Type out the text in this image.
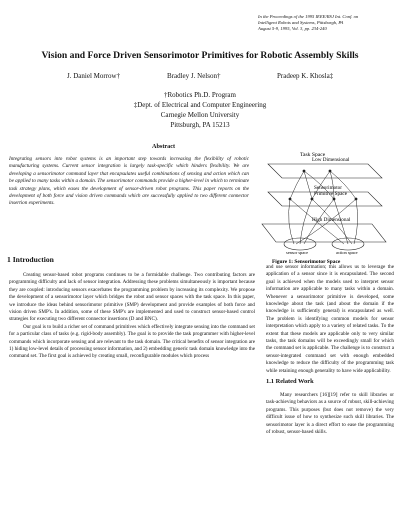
In the Proceedings of the 1995 IEEE/RSJ Int. Conf. on
Intelligent Robots and Systems, Pittsburgh, PA
August 5-9, 1995, Vol. 3, pp. 234-240
Vision and Force Driven Sensorimotor Primitives for Robotic Assembly Skills
J. Daniel Morrow†	Bradley J. Nelson†	Pradeep K. Khosla‡
†Robotics Ph.D. Program
‡Dept. of Electrical and Computer Engineering
Carnegie Mellon University
Pittsburgh, PA 15213
Abstract
Integrating sensors into robot systems is an important step towards increasing the flexibility of robotic manufacturing systems. Current sensor integration is largely task-specific which hinders flexibility. We are developing a sensorimotor command layer that encapsulates useful combinations of sensing and action which can be applied to many tasks within a domain. The sensorimotor commands provide a higher-level in which to terminate task strategy plans, which eases the development of sensor-driven robot programs. This paper reports on the development of both force and vision driven commands which are successfully applied to two different connector insertion experiments.
1 Introduction

Creating sensor-based robot programs continues to be a formidable challenge. Two contributing factors are programming difficulty and lack of sensor integration. Addressing these problems simultaneously is important because they are coupled: introducing sensors exacerbates the programming problem by increasing its complexity. We propose the development of a sensorimotor layer which bridges the robot and sensor spaces with the task space. In this paper, we introduce the ideas behind sensorimotor primitive (SMP) development and provide examples of both force and vision driven SMP's. In addition, some of these SMP's are implemented and used to construct sensor-based control strategies for executing two different connector insertions (D and BNC).

Our goal is to build a richer set of command primitives which effectively integrate sensing into the command set for a particular class of tasks (e.g. rigid-body assembly). The goal is to provide the task programmer with higher-level commands which incorporate sensing and are relevant to the task domain. The critical benefits of sensor integration are 1) hiding low-level details of processing sensor information, and 2) embedding generic task domain knowledge into the command set. The first goal is achieved by creating small, reconfigurable modules which process

Task Space
Low Dimensional
Sensorimotor
Primitive Space
High Dimensional
sensor space	action space
Figure 1: Sensorimotor Space

and use sensor information; this allows us to leverage the application of a sensor since it is encapsulated. The second goal is achieved when the models used to interpret sensor information are applicable to many tasks within a domain. Whenever a sensorimotor primitive is developed, some knowledge about the task (and about the domain if the knowledge is sufficiently general) is encapsulated as well. The problem is identifying common models for sensor interpretation which apply to a variety of related tasks. To the extent that these models are applicable only to very similar tasks, the task domains will be exceedingly small for which the command set is applicable. The challenge is to construct a sensor-integrated command set with enough embedded knowledge to reduce the difficulty of the programming task while retaining enough generality to have wide applicability.

1.1 Related Work

Many researchers [16][19] refer to skill libraries or task-achieving behaviors as a source of robust, skill-achieving programs. This purposes (but does not remove) the very difficult issue of how to synthesize such skill libraries. The sensorimotor layer is a direct effort to ease the programming of robust, sensor-based skills.
